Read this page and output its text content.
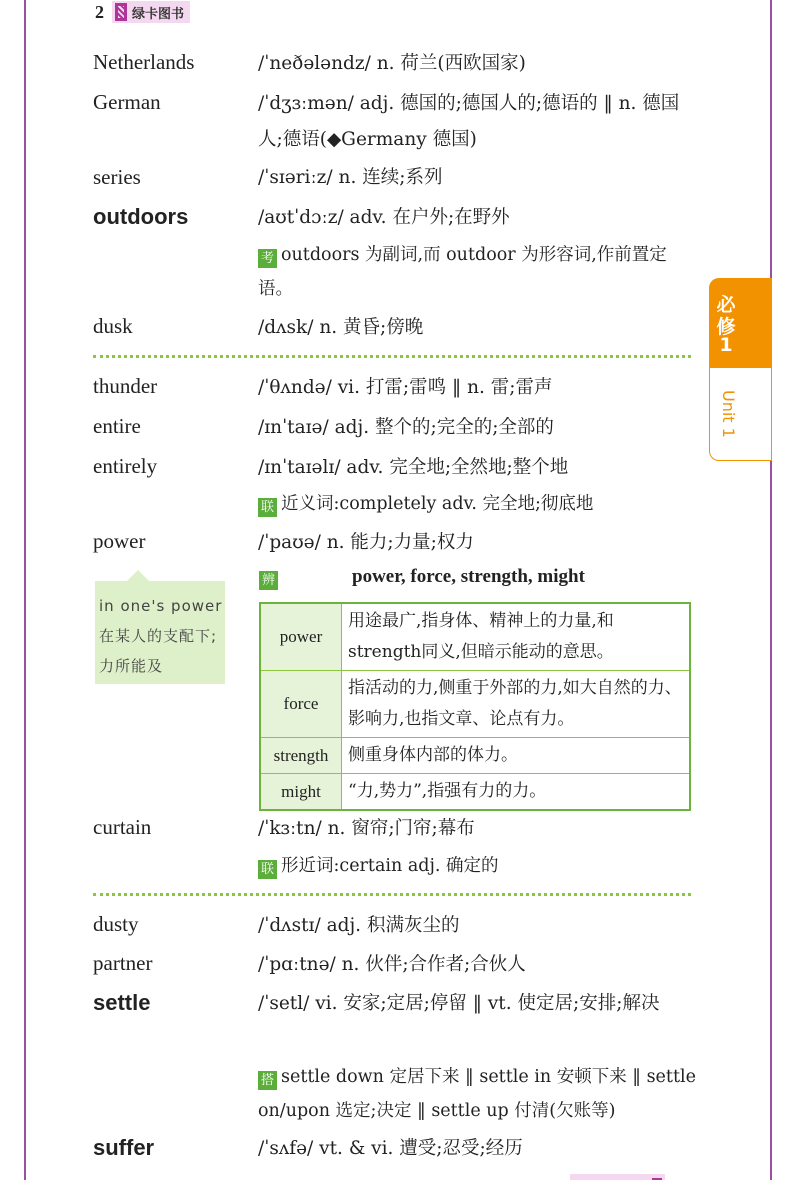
2 绿卡图书
必
修
1
Unit 1
Netherlands	/ˈneðələndz/ n. 荷兰(西欧国家)
German	/ˈdʒɜːmən/ adj. 德国的;德国人的;德语的 ‖ n. 德国人;德语(◆Germany 德国)
series	/ˈsɪəriːz/ n. 连续;系列
outdoors	/aʊtˈdɔːz/ adv. 在户外;在野外
考 outdoors 为副词,而 outdoor 为形容词,作前置定语。
dusk	/dʌsk/ n. 黄昏;傍晚
thunder	/ˈθʌndə/ vi. 打雷;雷鸣 ‖ n. 雷;雷声
entire	/ɪnˈtaɪə/ adj. 整个的;完全的;全部的
entirely	/ɪnˈtaɪəlɪ/ adv. 完全地;全然地;整个地
联 近义词:completely adv. 完全地;彻底地
power	/ˈpaʊə/ n. 能力;力量;权力
in one's power 在某人的支配下;力所能及
辨	power, force, strength, might
power	用途最广,指身体、精神上的力量,和strength同义,但暗示能动的意思。
force	指活动的力,侧重于外部的力,如大自然的力、影响力,也指文章、论点有力。
strength	侧重身体内部的体力。
might	“力,势力”,指强有力的力。
curtain	/ˈkɜːtn/ n. 窗帘;门帘;幕布
联 形近词:certain adj. 确定的
dusty	/ˈdʌstɪ/ adj. 积满灰尘的
partner	/ˈpɑːtnə/ n. 伙伴;合作者;合伙人
settle	/ˈsetl/ vi. 安家;定居;停留 ‖ vt. 使定居;安排;解决
搭 settle down 定居下来 ‖ settle in 安顿下来 ‖ settle on/upon 选定;决定 ‖ settle up 付清(欠账等)
suffer	/ˈsʌfə/ vt. & vi. 遭受;忍受;经历
